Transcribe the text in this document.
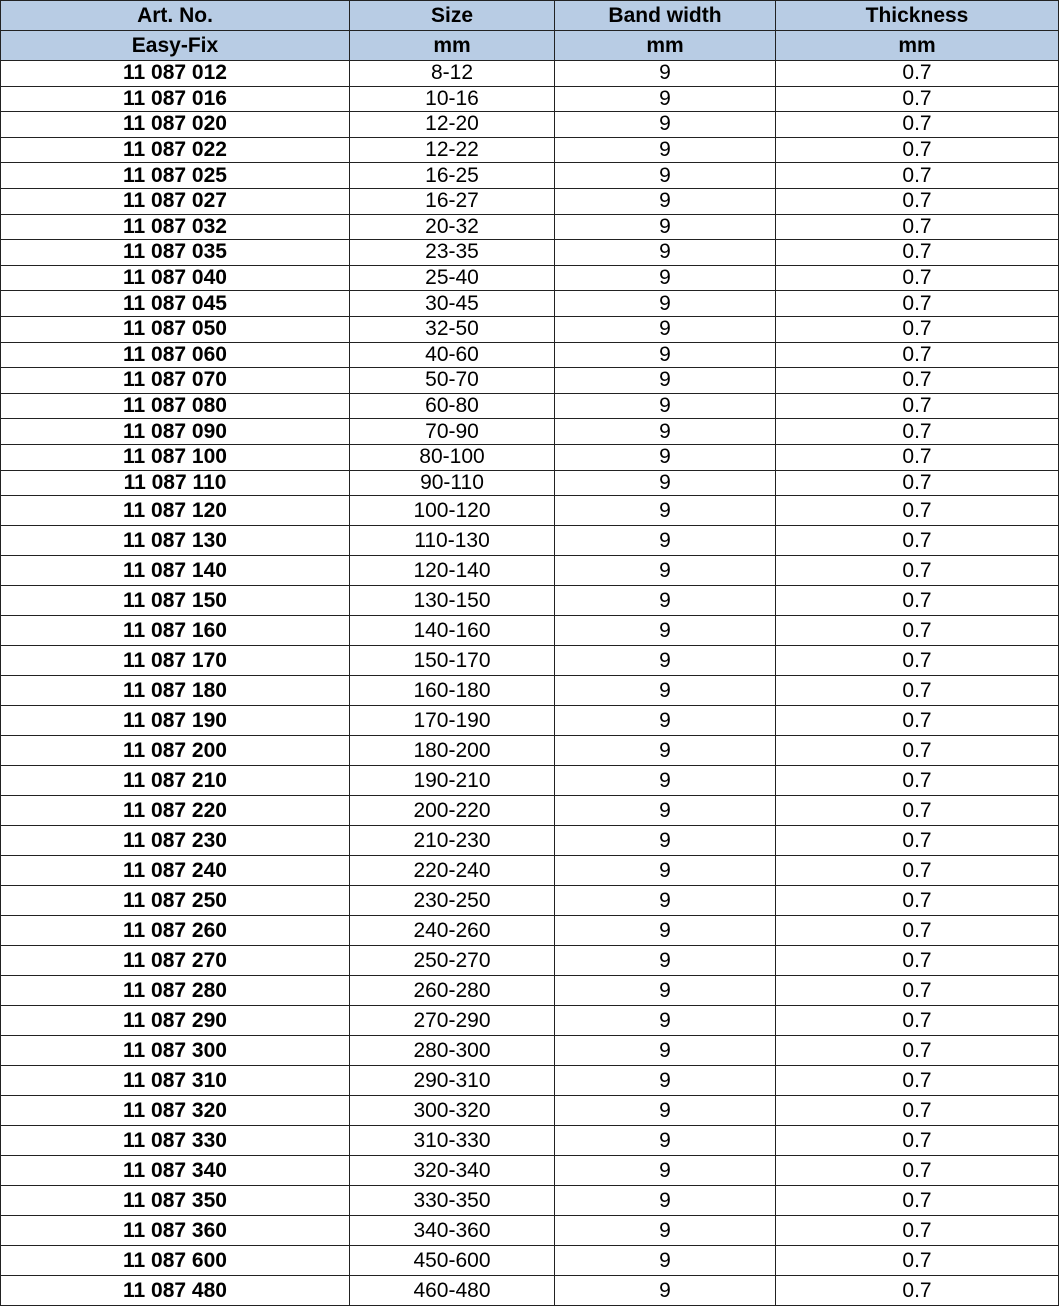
Art. No.	Size	Band width	Thickness
Easy-Fix	mm	mm	mm
11 087 012	8-12	9	0.7
11 087 016	10-16	9	0.7
11 087 020	12-20	9	0.7
11 087 022	12-22	9	0.7
11 087 025	16-25	9	0.7
11 087 027	16-27	9	0.7
11 087 032	20-32	9	0.7
11 087 035	23-35	9	0.7
11 087 040	25-40	9	0.7
11 087 045	30-45	9	0.7
11 087 050	32-50	9	0.7
11 087 060	40-60	9	0.7
11 087 070	50-70	9	0.7
11 087 080	60-80	9	0.7
11 087 090	70-90	9	0.7
11 087 100	80-100	9	0.7
11 087 110	90-110	9	0.7
11 087 120	100-120	9	0.7
11 087 130	110-130	9	0.7
11 087 140	120-140	9	0.7
11 087 150	130-150	9	0.7
11 087 160	140-160	9	0.7
11 087 170	150-170	9	0.7
11 087 180	160-180	9	0.7
11 087 190	170-190	9	0.7
11 087 200	180-200	9	0.7
11 087 210	190-210	9	0.7
11 087 220	200-220	9	0.7
11 087 230	210-230	9	0.7
11 087 240	220-240	9	0.7
11 087 250	230-250	9	0.7
11 087 260	240-260	9	0.7
11 087 270	250-270	9	0.7
11 087 280	260-280	9	0.7
11 087 290	270-290	9	0.7
11 087 300	280-300	9	0.7
11 087 310	290-310	9	0.7
11 087 320	300-320	9	0.7
11 087 330	310-330	9	0.7
11 087 340	320-340	9	0.7
11 087 350	330-350	9	0.7
11 087 360	340-360	9	0.7
11 087 600	450-600	9	0.7
11 087 480	460-480	9	0.7
